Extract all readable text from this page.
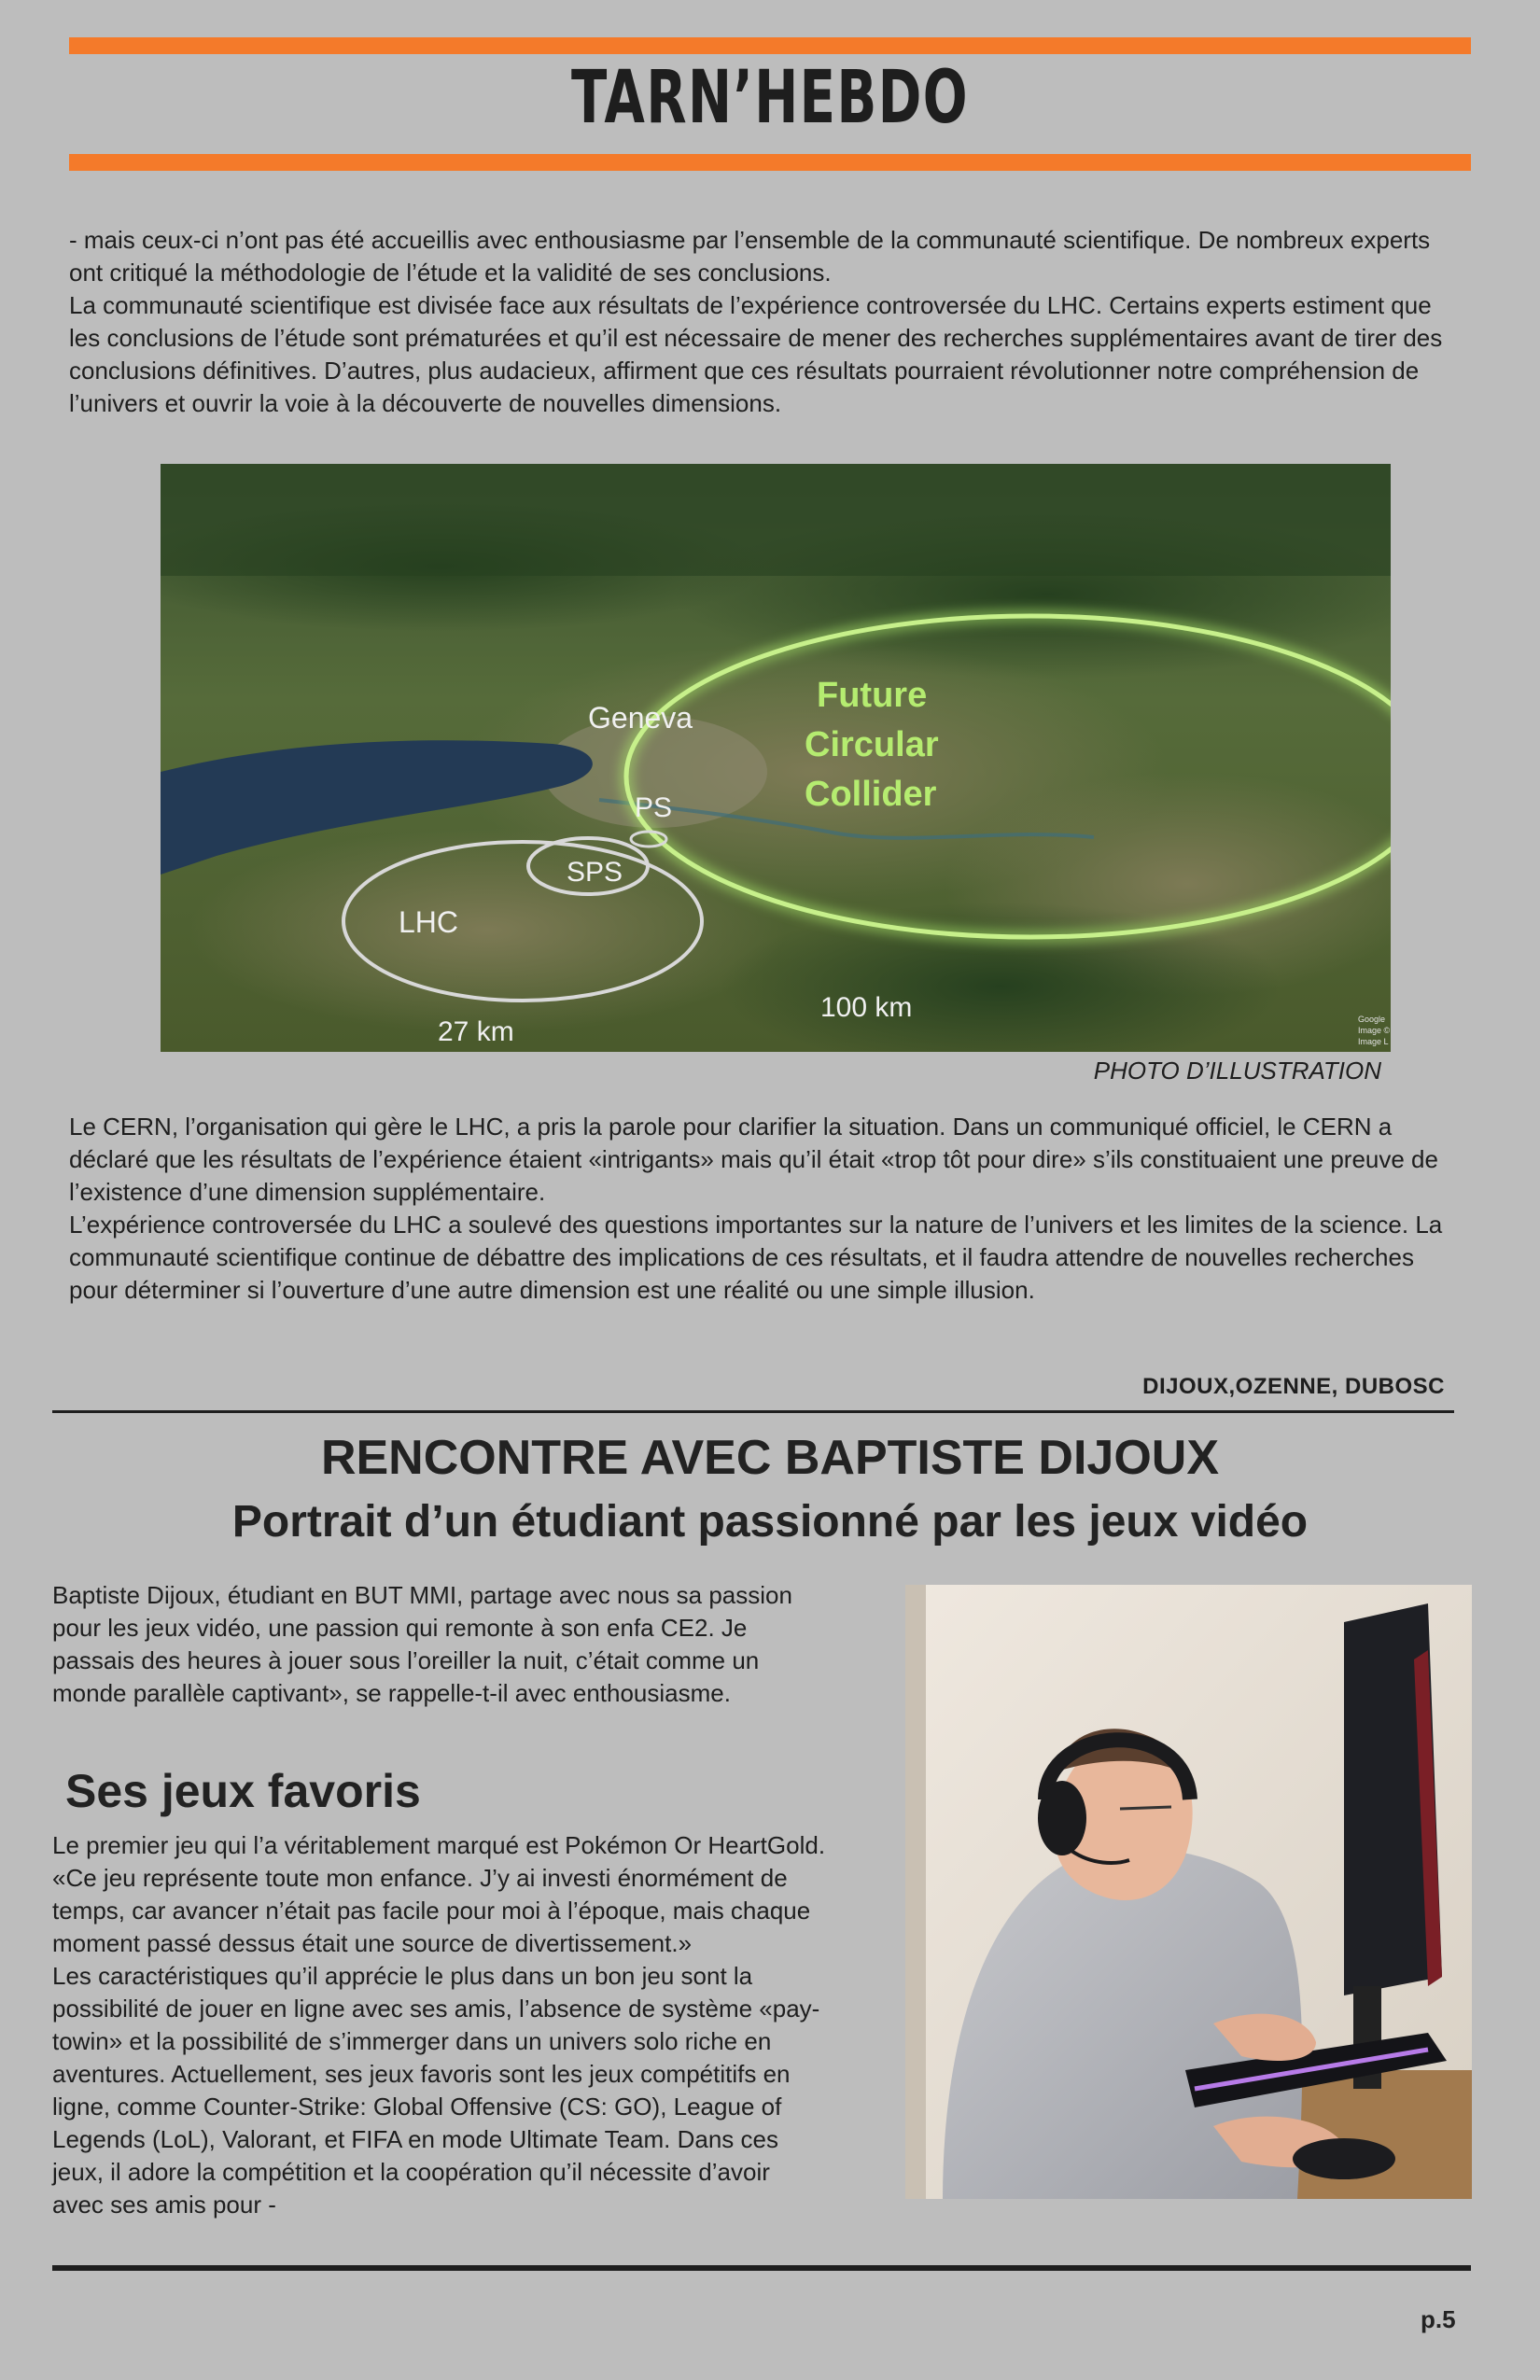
TARN’HEBDO

- mais ceux-ci n’ont pas été accueillis avec enthousiasme par l’ensemble de la communauté scientifique. De nombreux experts ont critiqué la méthodologie de l’étude et la validité de ses conclusions.

La communauté scientifique est divisée face aux résultats de l’expérience controversée du LHC. Certains experts estiment que les conclusions de l’étude sont prématurées et qu’il est nécessaire de mener des recherches supplémentaires avant de tirer des conclusions définitives. D’autres, plus audacieux, affirment que ces résultats pourraient révolutionner notre compréhension de l’univers et ouvrir la voie à la découverte de nouvelles dimensions.

Geneva
Future
Circular
Collider
PS
SPS
LHC
27 km
100 km	Google
Image ©
Image L
PHOTO D’ILLUSTRATION

Le CERN, l’organisation qui gère le LHC, a pris la parole pour clarifier la situation. Dans un communiqué officiel, le CERN a déclaré que les résultats de l’expérience étaient «intrigants» mais qu’il était «trop tôt pour dire» s’ils constituaient une preuve de l’existence d’une dimension supplémentaire.

L’expérience controversée du LHC a soulevé des questions importantes sur la nature de l’univers et les limites de la science. La communauté scientifique continue de débattre des implications de ces résultats, et il faudra attendre de nouvelles recherches pour déterminer si l’ouverture d’une autre dimension est une réalité ou une simple illusion.

DIJOUX,OZENNE, DUBOSC
RENCONTRE AVEC BAPTISTE DIJOUX
Portrait d’un étudiant passionné par les jeux vidéo
Baptiste Dijoux, étudiant en BUT MMI, partage avec nous sa passion pour les jeux vidéo, une passion qui remonte à son enfa CE2. Je passais des heures à jouer sous l’oreiller la nuit, c’était comme un monde parallèle captivant», se rappelle-t-il avec enthousiasme.
Ses jeux favoris

Le premier jeu qui l’a véritablement marqué est Pokémon Or HeartGold. «Ce jeu représente toute mon enfance. J’y ai investi énormément de temps, car avancer n’était pas facile pour moi à l’époque, mais chaque moment passé dessus était une source de divertissement.»

Les caractéristiques qu’il apprécie le plus dans un bon jeu sont la possibilité de jouer en ligne avec ses amis, l’absence de système «pay-towin» et la possibilité de s’immerger dans un univers solo riche en aventures. Actuellement, ses jeux favoris sont les jeux compétitifs en ligne, comme Counter-Strike: Global Offensive (CS: GO), League of Legends (LoL), Valorant, et FIFA en mode Ultimate Team. Dans ces jeux, il adore la compétition et la coopération qu’il nécessite d’avoir avec ses amis pour -

p.5
